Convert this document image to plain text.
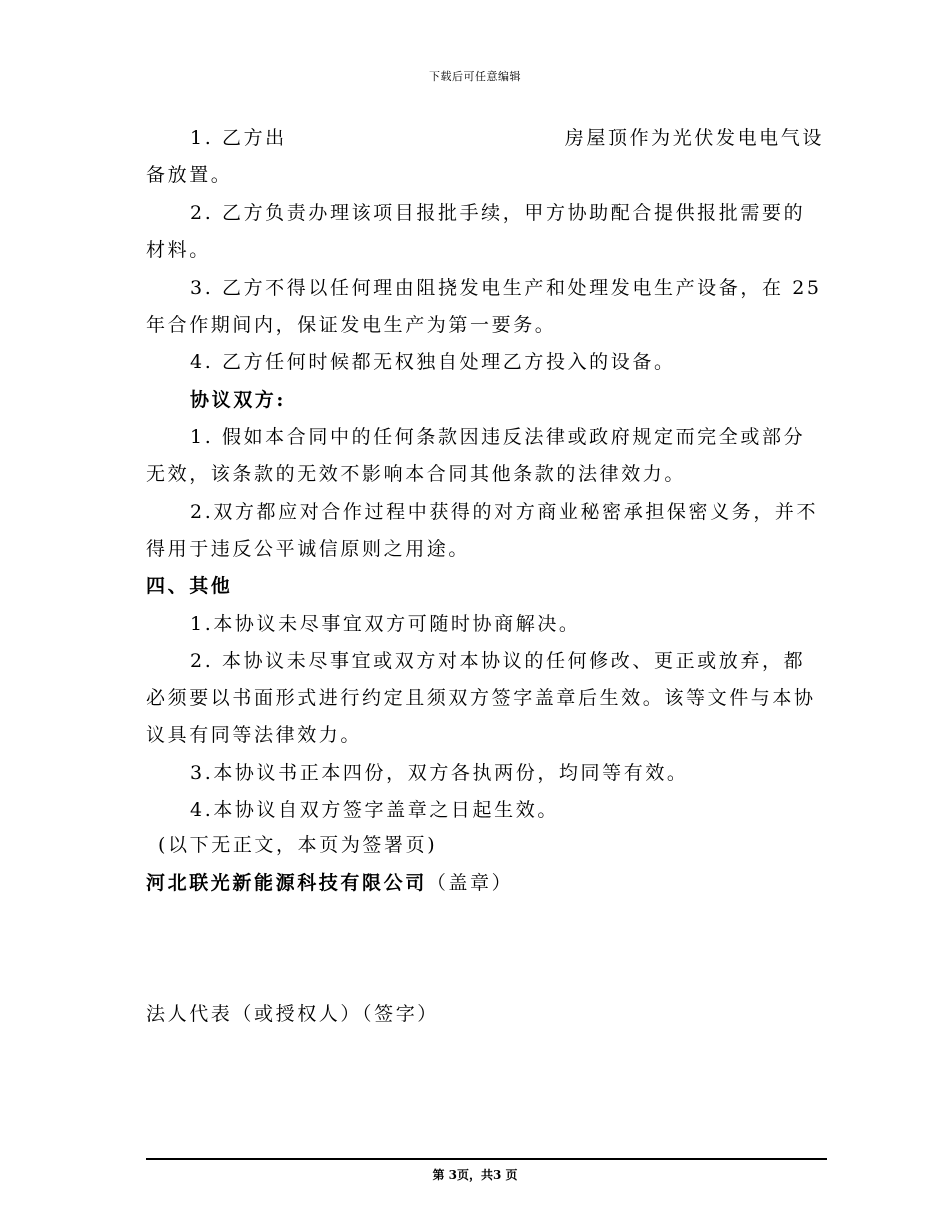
下载后可任意编辑
1. 乙方出	房屋顶作为光伏发电电气设
备放置。
2. 乙方负责办理该项目报批手续，甲方协助配合提供报批需要的
材料。
3. 乙方不得以任何理由阻挠发电生产和处理发电生产设备，在 25
年合作期间内，保证发电生产为第一要务。
4. 乙方任何时候都无权独自处理乙方投入的设备。
协议双方:
1. 假如本合同中的任何条款因违反法律或政府规定而完全或部分
无效，该条款的无效不影响本合同其他条款的法律效力。
2.双方都应对合作过程中获得的对方商业秘密承担保密义务，并不
得用于违反公平诚信原则之用途。
四、其他
1.本协议未尽事宜双方可随时协商解决。
2. 本协议未尽事宜或双方对本协议的任何修改、更正或放弃，都
必须要以书面形式进行约定且须双方签字盖章后生效。该等文件与本协
议具有同等法律效力。
3.本协议书正本四份，双方各执两份，均同等有效。
4.本协议自双方签字盖章之日起生效。
(以下无正文，本页为签署页)
河北联光新能源科技有限公司（盖章）
法人代表（或授权人）（签字）
第 3页，共3 页
